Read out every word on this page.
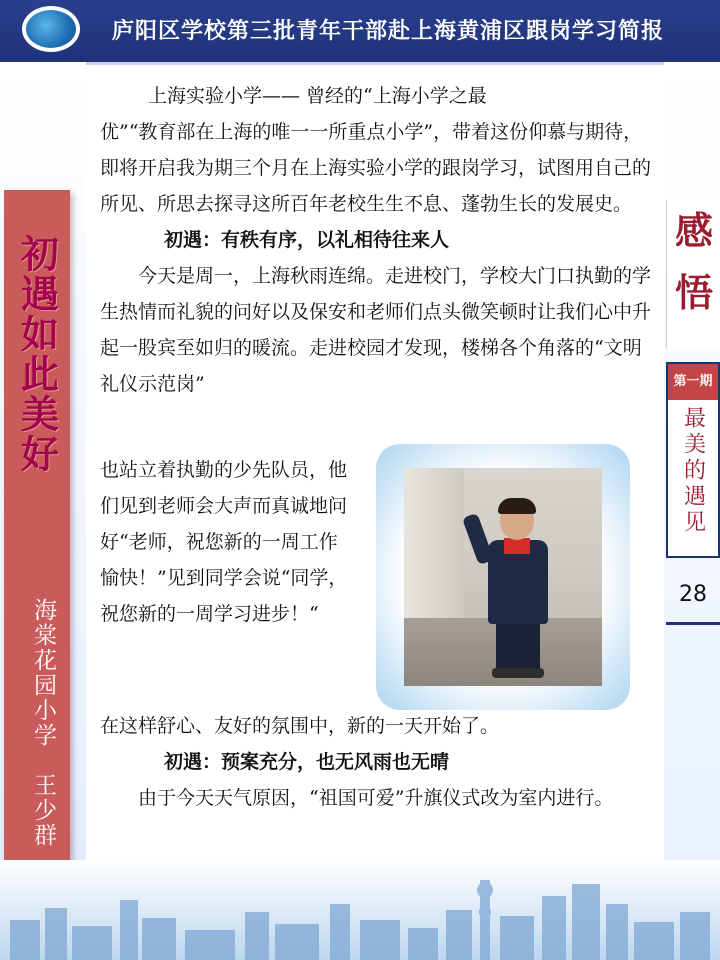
庐阳区学校第三批青年干部赴上海黄浦区跟岗学习简报
初遇如此美好
海棠花园小学　王少群
感
悟
第一期
最美的遇见
28

上海实验小学—— 曾经的“上海小学之最

优”“教育部在上海的唯一一所重点小学”，带着这份仰慕与期待，即将开启我为期三个月在上海实验小学的跟岗学习，试图用自己的所见、所思去探寻这所百年老校生生不息、蓬勃生长的发展史。

初遇：有秩有序，以礼相待往来人

今天是周一，上海秋雨连绵。走进校门，学校大门口执勤的学生热情而礼貌的问好以及保安和老师们点头微笑顿时让我们心中升起一股宾至如归的暖流。走进校园才发现，楼梯各个角落的“文明礼仪示范岗”

也站立着执勤的少先队员，他们见到老师会大声而真诚地问好“老师，祝您新的一周工作愉快！”见到同学会说“同学，祝您新的一周学习进步！“

在这样舒心、友好的氛围中，新的一天开始了。

初遇：预案充分，也无风雨也无晴

由于今天天气原因，“祖国可爱”升旗仪式改为室内进行。
